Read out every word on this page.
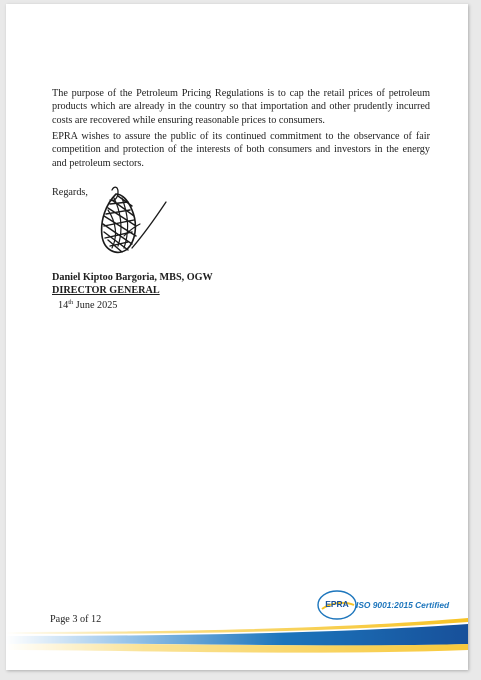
The purpose of the Petroleum Pricing Regulations is to cap the retail prices of petroleum products which are already in the country so that importation and other prudently incurred costs are recovered while ensuring reasonable prices to consumers.

EPRA wishes to assure the public of its continued commitment to the observance of fair competition and protection of the interests of both consumers and investors in the energy and petroleum sectors.

Regards,
Daniel Kiptoo Bargoria, MBS, OGW
DIRECTOR GENERAL
14th June 2025
Page 3 of 12
EPRA ISO 9001:2015 Certified
